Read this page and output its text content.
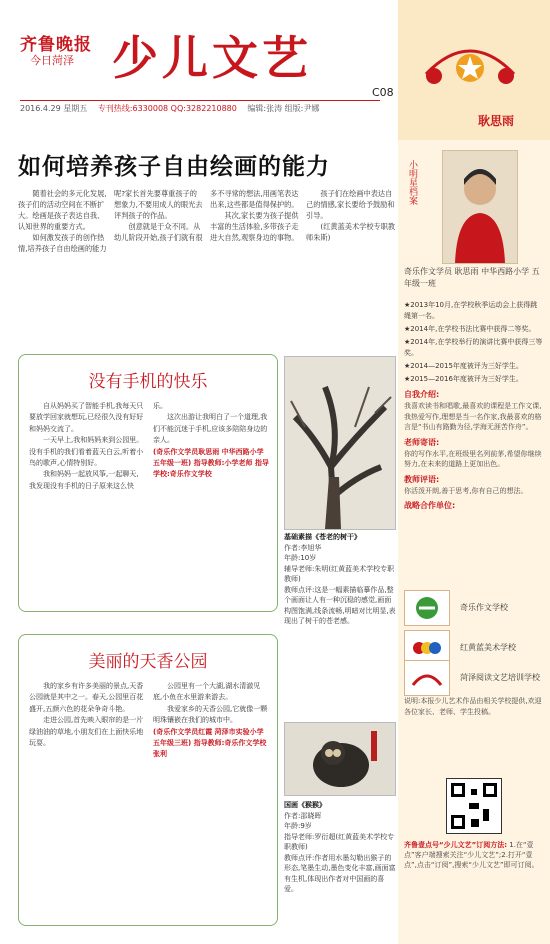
齐鲁晚报
今日菏泽 少儿文艺
C08
2016.4.29 星期五 专刊热线:6330008 QQ:3282210880 编辑:张涛 组版:尹娜
耿思雨
小明星档案
奇乐作文学员 耿思雨 中华西路小学 五年级一班

★2013年10月,在学校秋季运动会上获得跳绳第一名。

★2014年,在学校书法比赛中获得二等奖。

★2014年,在学校举行的演讲比赛中获得三等奖。

★2014—2015年度被评为三好学生。

★2015—2016年度被评为三好学生。

自我介绍:

我喜欢读书和唱歌,最喜欢的课程是工作文课,我热爱写作,理想是当一名作家,我最喜欢的格言是“书山有路勤为径,学海无涯苦作舟”。

老师寄语:

你的写作水平,在班级里名列前茅,希望你继续努力,在未来的道路上更加出色。

教师评语:

你活泼开朗,善于思考,你有自己的想法。

战略合作单位:
奇乐作文学校
红黄蓝美术学校
菏泽阅读文艺培训学校
说明:本报少儿艺术作品由相关学校提供,欢迎各位家长、老师、学生投稿。
齐鲁壹点号“少儿文艺”订阅方法: 1.在“壹点”客户端搜索关注“少儿文艺”;2.打开“壹点”,点击“订阅”,搜索“少儿文艺”即可订阅。
如何培养孩子自由绘画的能力

随着社会的多元化发展,孩子们的活动空间在不断扩大。绘画是孩子表达自我、认知世界的重要方式。

如何激发孩子的创作热情,培养孩子自由绘画的能力呢?家长首先要尊重孩子的想象力,不要用成人的眼光去评判孩子的作品。

创意就是于众不同。从幼儿阶段开始,孩子们就有很多不寻常的想法,用画笔表达出来,这些都是值得保护的。

其次,家长要为孩子提供丰富的生活体验,多带孩子走进大自然,观察身边的事物。

孩子们在绘画中表达自己的情感,家长要给予鼓励和引导。

(红黄蓝美术学校专职教师朱斯)

没有手机的快乐

自从妈妈买了智能手机,我每天只要放学回家就想玩,已经很久没有好好和妈妈交流了。

一天早上,我和妈妈来到公园里。没有手机的我们看着蓝天白云,听着小鸟的歌声,心情特别好。

我和妈妈一起放风筝,一起聊天,我发现没有手机的日子原来这么快乐。

这次出游让我明白了一个道理,我们不能沉迷于手机,应该多陪陪身边的亲人。

(奇乐作文学员耿思雨 中华西路小学五年级一班) 指导教师:小学老师 指导学校:奇乐作文学校

美丽的天香公园

我的家乡有许多美丽的景点,天香公园就是其中之一。春天,公园里百花盛开,五颜六色的花朵争奇斗艳。

走进公园,首先映入眼帘的是一片绿油油的草地,小朋友们在上面快乐地玩耍。

公园里有一个大湖,湖水清澈见底,小鱼在水里游来游去。

我爱家乡的天香公园,它就像一颗明珠镶嵌在我们的城市中。

(奇乐作文学员红霞 菏泽市实验小学五年级三班) 指导教师:奇乐作文学校张利

基础素描《苍老的树干》

作者:李旭华

年龄:10岁

辅导老师:朱明(红黄蓝美术学校专职教师)

教师点评:这是一幅素描临摹作品,整个画面让人有一种沉稳的感觉,画面构图饱满,线条流畅,明暗对比明显,表现出了树干的苍老感。

国画《猴猴》

作者:邵晓晖

年龄:9岁

指导老师:罗衍超(红黄蓝美术学校专职教师)

教师点评:作者用水墨勾勒出猴子的形态,笔墨生动,墨色变化丰富,画面富有生机,体现出作者对中国画的喜爱。
